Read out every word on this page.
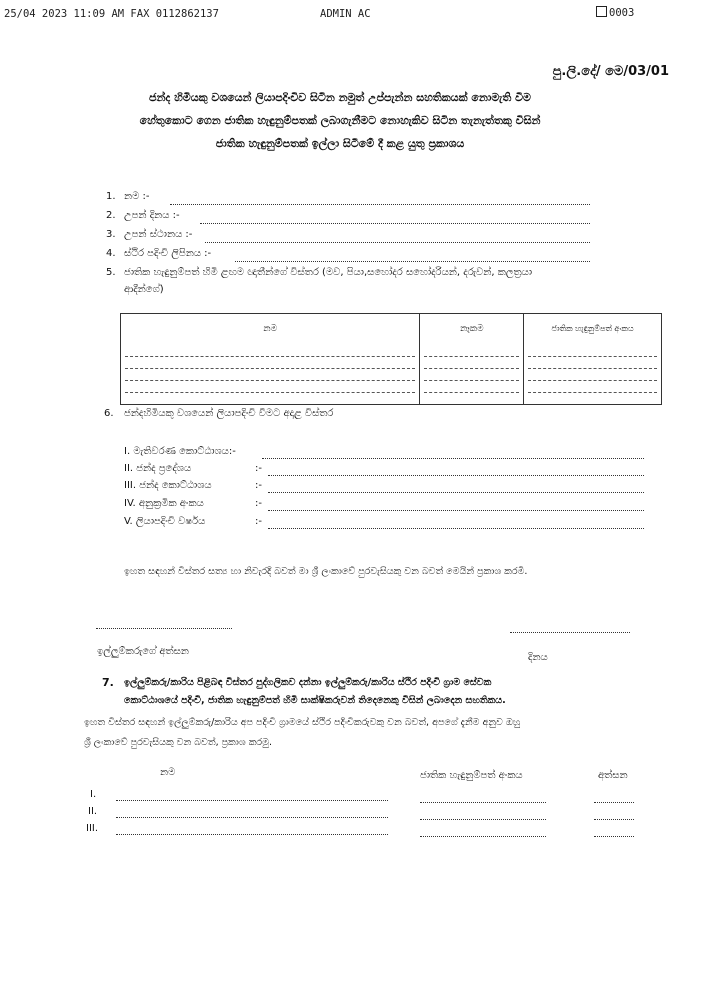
25/04 2023 11:09 AM FAX 0112862137	ADMIN AC	0003
පු.ලි.දේ/ මෙ/03/01
ජන්ද හිමියකු වශයෙන් ලියාපදිංචිව සිටින නමුත් උප්පැන්න සහතිකයක් නොමැති වීම
හේතුකොට ගෙන ජාතික හැඳුනුම්පතක් ලබාගැනීමට නොහැකිව සිටින තැනැත්තකු විසින්
ජාතික හැඳුනුම්පතක් ඉල්ලා සිටීමේ දී කළ යුතු ප්‍රකාශය
1. නම :-
2. උපන් දිනය :-
3. උපන් ස්ථානය :-
4. ස්ථිර පදිංචි ලිපිනය :-
5. ජාතික හැඳුනුම්පත් හිමි ළඟම ඥාතීන්ගේ විස්තර (මව, පියා,සහෝදර සහෝදරියන්, දරුවන්, කලත්‍රයා
ආදීන්ගේ)
නම	නෑකම	ජාතික හැඳුනුම්පත් අංකය

6. ජන්දහිමියකු වශයෙන් ලියාපදිංචි වීමට අදාළ විස්තර
I. මැතිවරණ කොට්ඨාශය:-
II. ජන්ද ප්‍රදේශය	:-
III. ජන්ද කොට්ඨාශය	:-
IV. අනුක්‍රමික අංකය	:-
V. ලියාපදිංචි වර්ෂය	:-
ඉහත සඳහන් විස්තර සත්‍ය හා නිවැරදි බවත් මා ශ්‍රී ලංකාවේ පුරවැසියකු වන බවත් මෙයින් ප්‍රකාශ කරමි.
ඉල්ලුම්කරුගේ අත්සන
දිනය
7. ඉල්ලුම්කරු/කාරිය පිළිබඳ විස්තර පුද්ගලිකව දන්නා ඉල්ලුම්කරු/කාරිය ස්ථිර පදිංචි ග්‍රාම සේවක
කොට්ඨාශයේ පදිංචි, ජාතික හැඳුනුම්පත් හිමි සාක්ෂිකරුවන් තිදෙනෙකු විසින් ලබාදෙන සහතිකය.
ඉහත විස්තර සඳහන් ඉල්ලුම්කරු/කාරිය අප පදිංචි ග්‍රාමයේ ස්ථිර පදිංචිකරුවකු වන බවත්, අපගේ දැනීම අනුව ඔහු
ශ්‍රී ලංකාවේ පුරවැසියකු වන බවත්, ප්‍රකාශ කරමු.
නම	ජාතික හැඳුනුම්පත් අංකය	අත්සන
I.
II.
III.
